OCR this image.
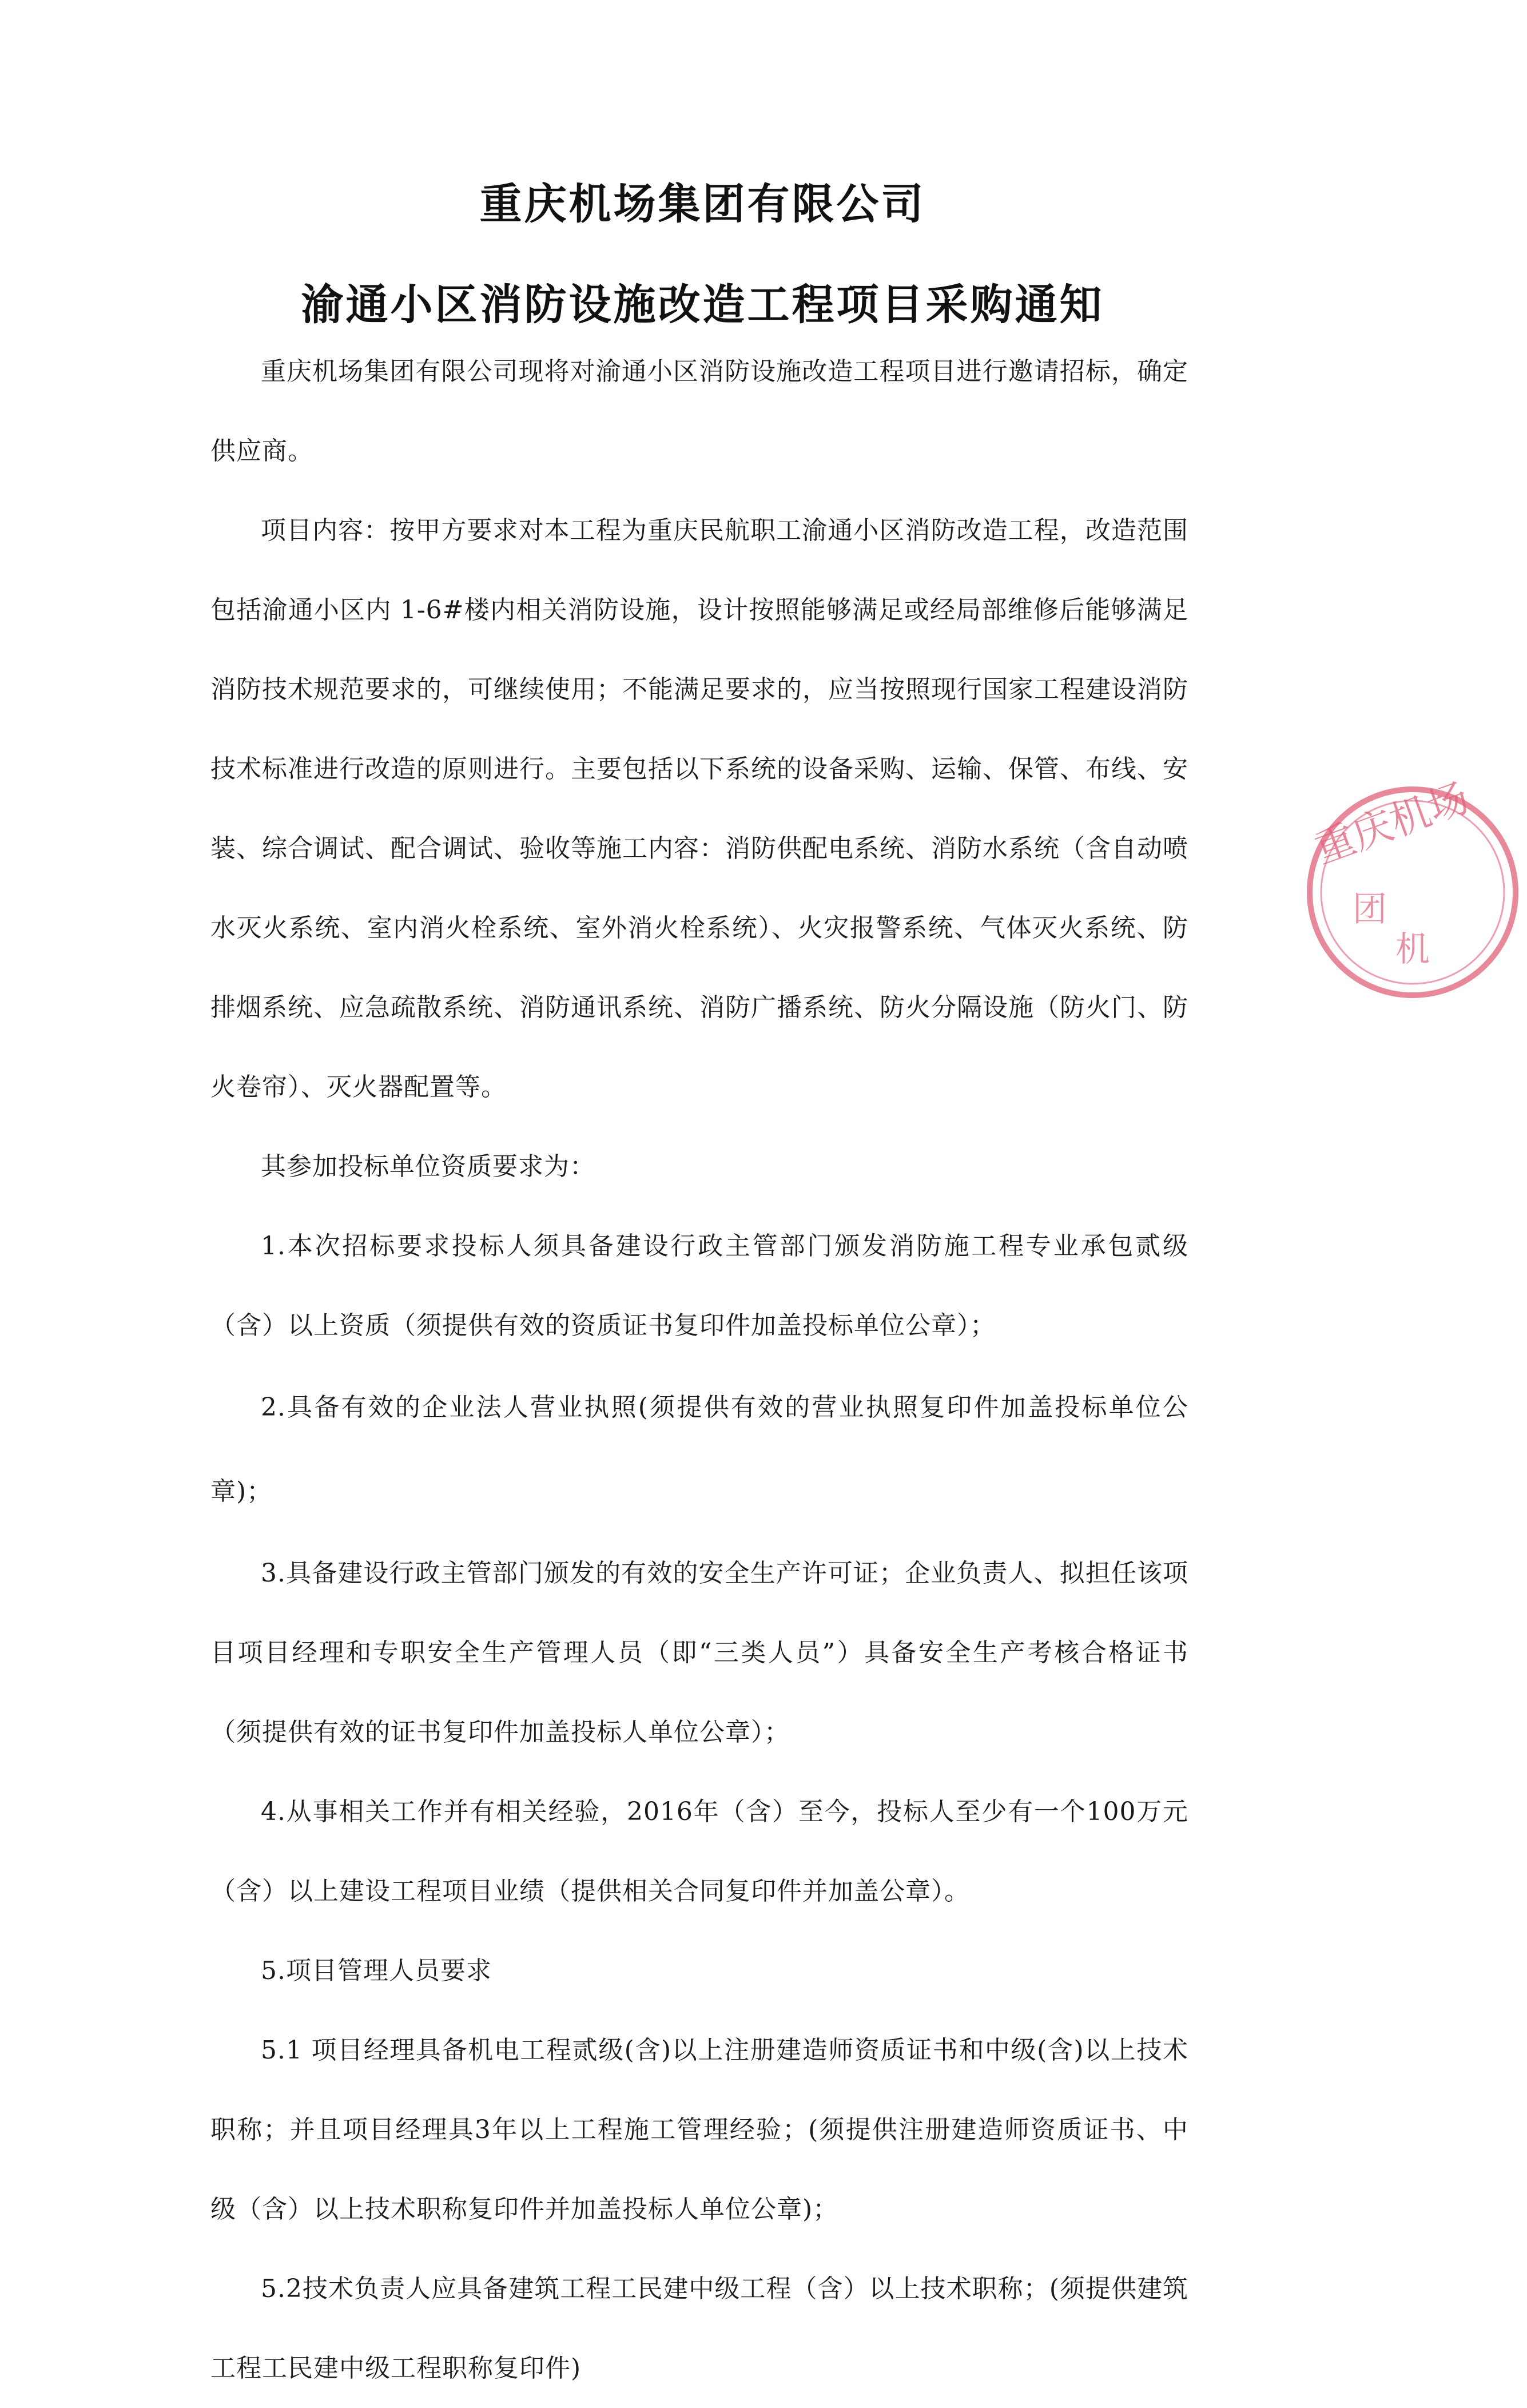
重庆机场集团有限公司
渝通小区消防设施改造工程项目采购通知

重庆机场集团有限公司现将对渝通小区消防设施改造工程项目进行邀请招标，确定供应商。

项目内容：按甲方要求对本工程为重庆民航职工渝通小区消防改造工程，改造范围包括渝通小区内 1-6#楼内相关消防设施，设计按照能够满足或经局部维修后能够满足消防技术规范要求的，可继续使用；不能满足要求的，应当按照现行国家工程建设消防技术标准进行改造的原则进行。主要包括以下系统的设备采购、运输、保管、布线、安装、综合调试、配合调试、验收等施工内容：消防供配电系统、消防水系统（含自动喷水灭火系统、室内消火栓系统、室外消火栓系统）、火灾报警系统、气体灭火系统、防排烟系统、应急疏散系统、消防通讯系统、消防广播系统、防火分隔设施（防火门、防火卷帘）、灭火器配置等。

其参加投标单位资质要求为：

1.本次招标要求投标人须具备建设行政主管部门颁发消防施工程专业承包贰级（含）以上资质（须提供有效的资质证书复印件加盖投标单位公章）；

2.具备有效的企业法人营业执照(须提供有效的营业执照复印件加盖投标单位公章)；

3.具备建设行政主管部门颁发的有效的安全生产许可证；企业负责人、拟担任该项目项目经理和专职安全生产管理人员（即“三类人员”）具备安全生产考核合格证书（须提供有效的证书复印件加盖投标人单位公章）；

4.从事相关工作并有相关经验，2016年（含）至今，投标人至少有一个100万元（含）以上建设工程项目业绩（提供相关合同复印件并加盖公章）。

5.项目管理人员要求

5.1 项目经理具备机电工程贰级(含)以上注册建造师资质证书和中级(含)以上技术职称；并且项目经理具3年以上工程施工管理经验；(须提供注册建造师资质证书、中级（含）以上技术职称复印件并加盖投标人单位公章)；

5.2技术负责人应具备建筑工程工民建中级工程（含）以上技术职称；(须提供建筑工程工民建中级工程职称复印件)

重庆机场
团
机
